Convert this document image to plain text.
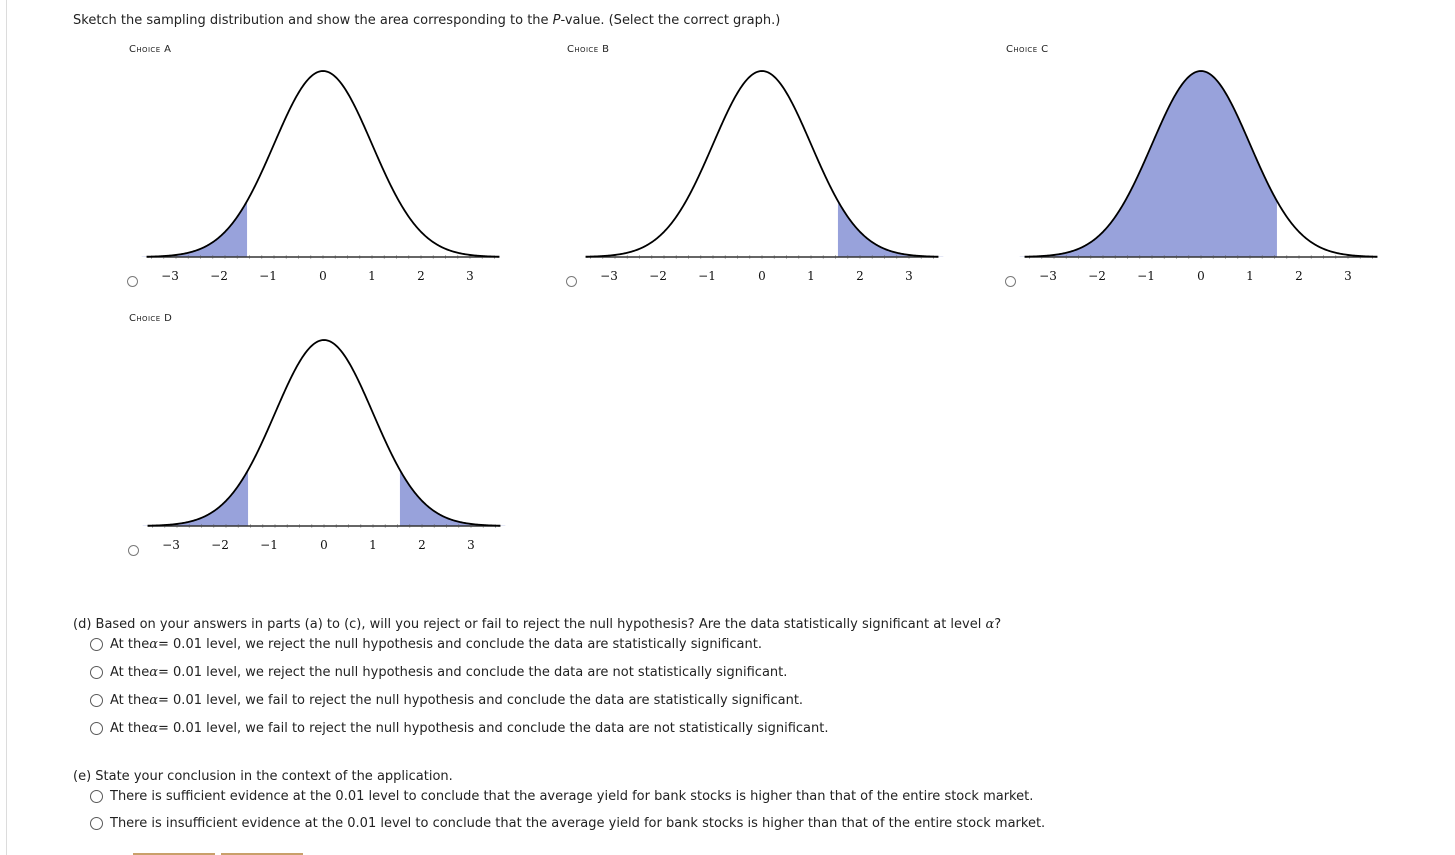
Sketch the sampling distribution and show the area corresponding to the P-value. (Select the correct graph.)
Choice A
−3	−2	−1	0	1	2	3
Choice B
−3	−2	−1	0	1	2	3
Choice C
−3	−2	−1	0	1	2	3
Choice D
−3	−2	−1	0	1	2	3
(d) Based on your answers in parts (a) to (c), will you reject or fail to reject the null hypothesis? Are the data statistically significant at level α?
At the α = 0.01 level, we reject the null hypothesis and conclude the data are statistically significant.
At the α = 0.01 level, we reject the null hypothesis and conclude the data are not statistically significant.
At the α = 0.01 level, we fail to reject the null hypothesis and conclude the data are statistically significant.
At the α = 0.01 level, we fail to reject the null hypothesis and conclude the data are not statistically significant.
(e) State your conclusion in the context of the application.
There is sufficient evidence at the 0.01 level to conclude that the average yield for bank stocks is higher than that of the entire stock market.
There is insufficient evidence at the 0.01 level to conclude that the average yield for bank stocks is higher than that of the entire stock market.
